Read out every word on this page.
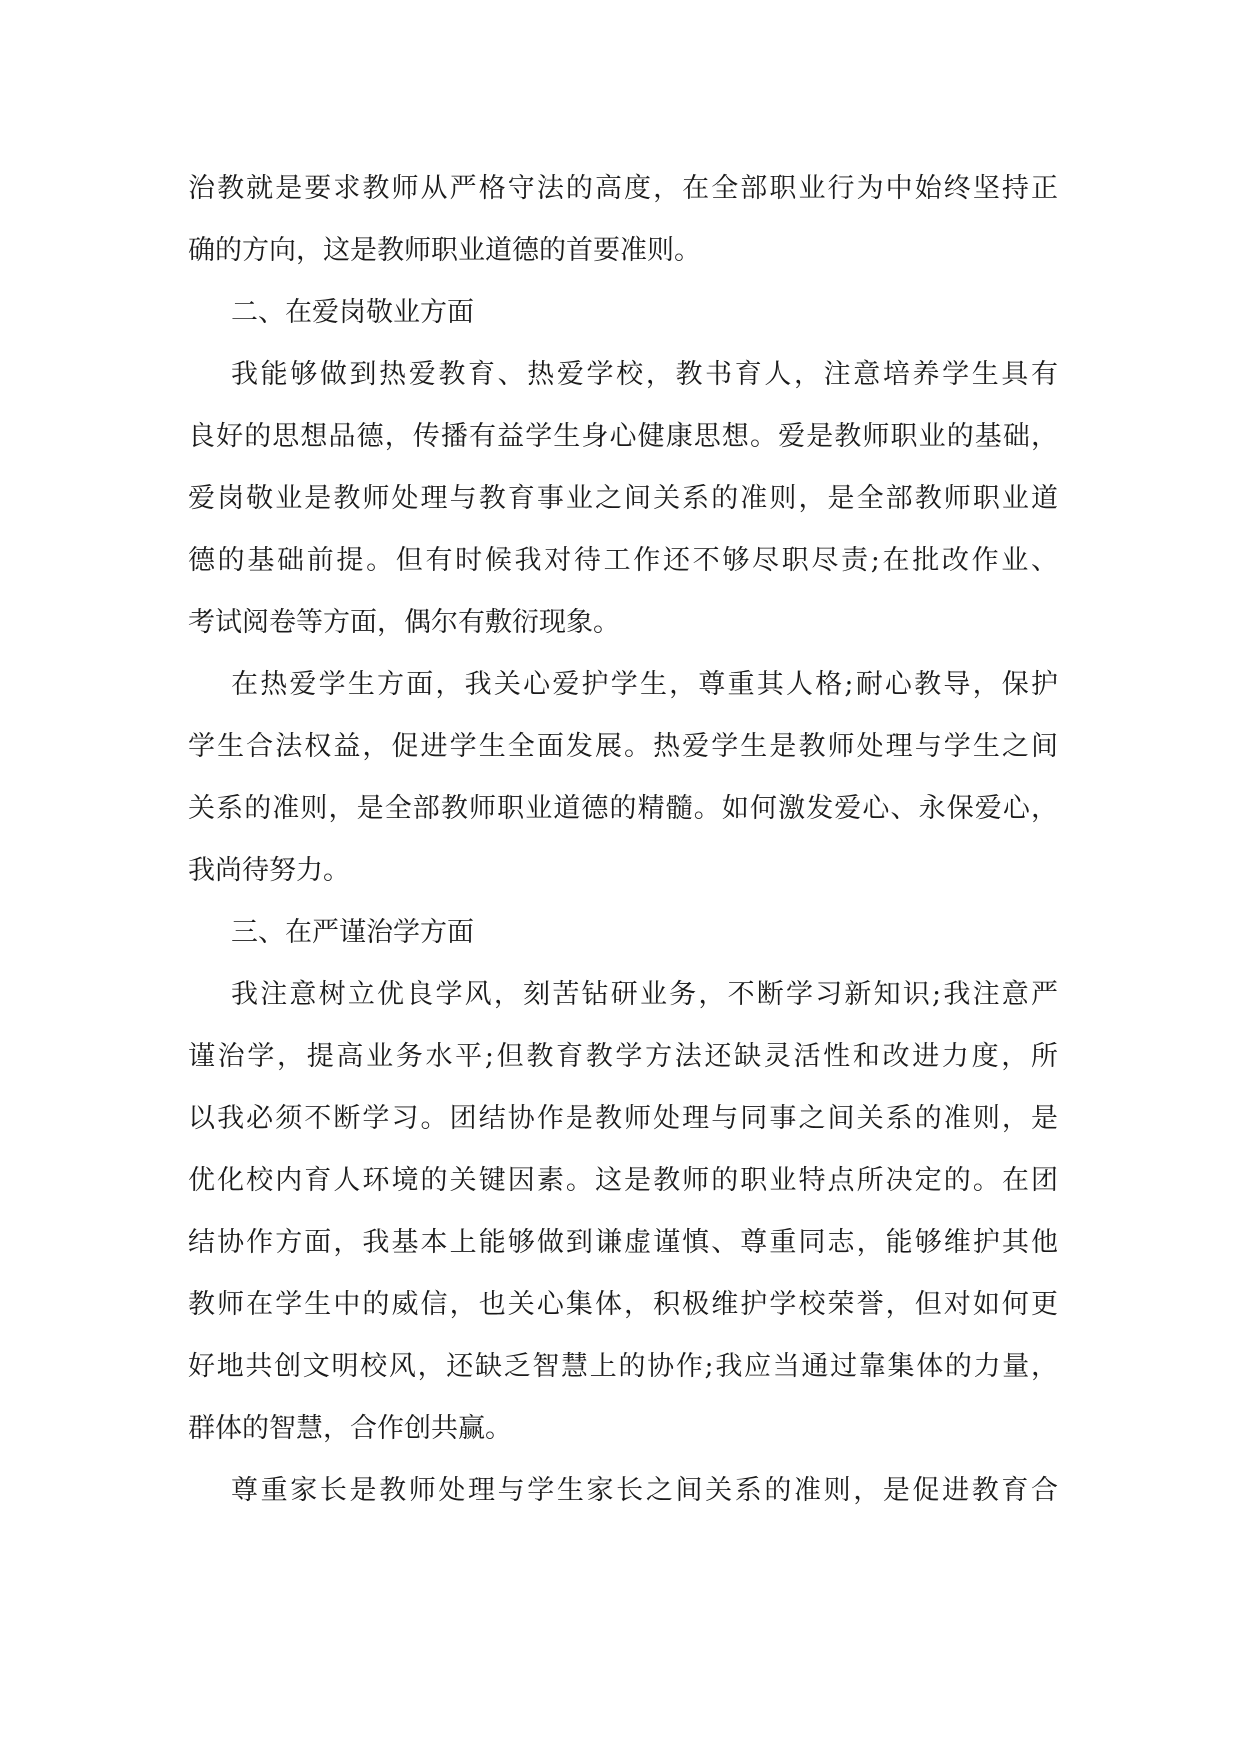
治教就是要求教师从严格守法的高度，在全部职业行为中始终坚持正
确的方向，这是教师职业道德的首要准则。
二、在爱岗敬业方面
我能够做到热爱教育、热爱学校，教书育人，注意培养学生具有
良好的思想品德，传播有益学生身心健康思想。爱是教师职业的基础，
爱岗敬业是教师处理与教育事业之间关系的准则，是全部教师职业道
德的基础前提。但有时候我对待工作还不够尽职尽责;在批改作业、
考试阅卷等方面，偶尔有敷衍现象。
在热爱学生方面，我关心爱护学生，尊重其人格;耐心教导，保护
学生合法权益，促进学生全面发展。热爱学生是教师处理与学生之间
关系的准则，是全部教师职业道德的精髓。如何激发爱心、永保爱心，
我尚待努力。
三、在严谨治学方面
我注意树立优良学风，刻苦钻研业务，不断学习新知识;我注意严
谨治学，提高业务水平;但教育教学方法还缺灵活性和改进力度，所
以我必须不断学习。团结协作是教师处理与同事之间关系的准则，是
优化校内育人环境的关键因素。这是教师的职业特点所决定的。在团
结协作方面，我基本上能够做到谦虚谨慎、尊重同志，能够维护其他
教师在学生中的威信，也关心集体，积极维护学校荣誉，但对如何更
好地共创文明校风，还缺乏智慧上的协作;我应当通过靠集体的力量，
群体的智慧，合作创共赢。
尊重家长是教师处理与学生家长之间关系的准则，是促进教育合
